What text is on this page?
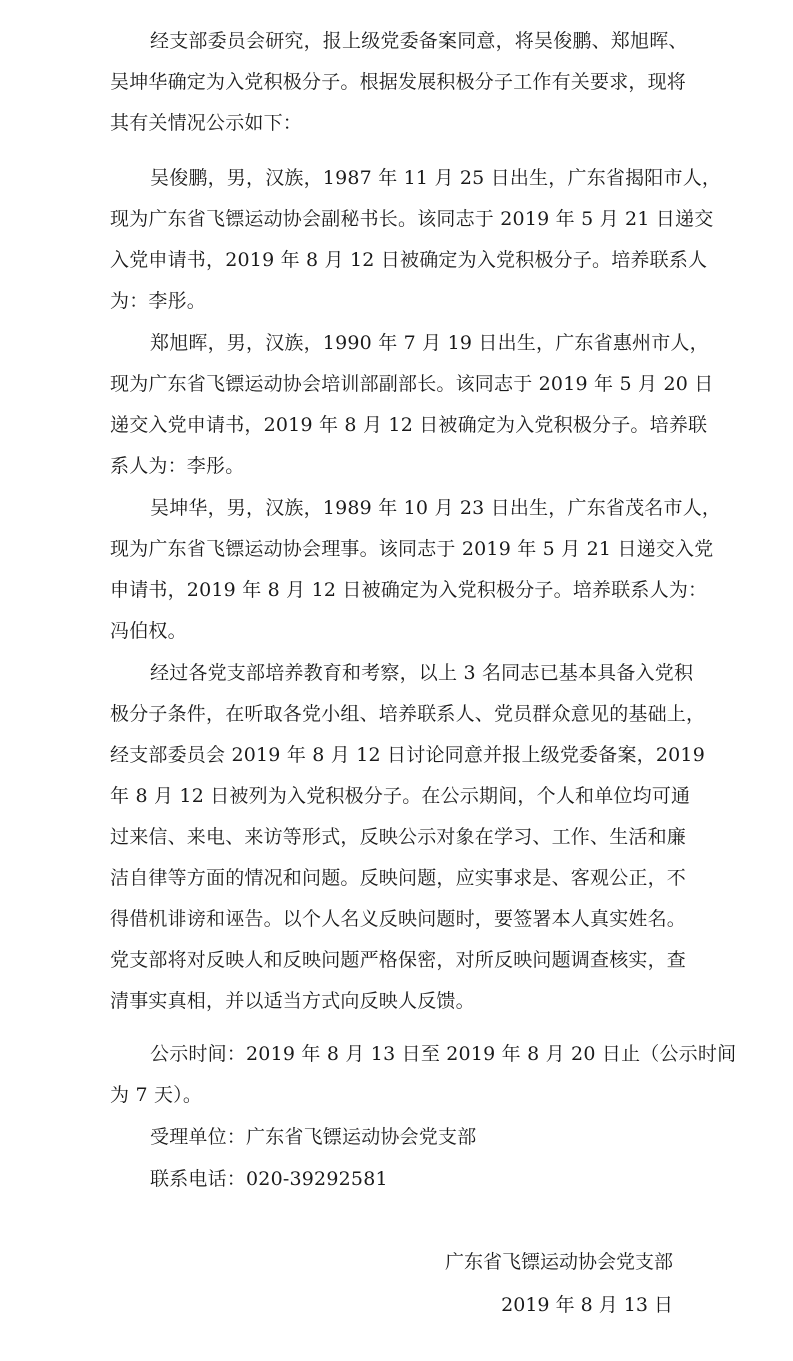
经支部委员会研究，报上级党委备案同意，将吴俊鹏、郑旭晖、
吴坤华确定为入党积极分子。根据发展积极分子工作有关要求，现将
其有关情况公示如下：
吴俊鹏，男，汉族，1987 年 11 月 25 日出生，广东省揭阳市人，
现为广东省飞镖运动协会副秘书长。该同志于 2019 年 5 月 21 日递交
入党申请书，2019 年 8 月 12 日被确定为入党积极分子。培养联系人
为：李彤。
郑旭晖，男，汉族，1990 年 7 月 19 日出生，广东省惠州市人，
现为广东省飞镖运动协会培训部副部长。该同志于 2019 年 5 月 20 日
递交入党申请书，2019 年 8 月 12 日被确定为入党积极分子。培养联
系人为：李彤。
吴坤华，男，汉族，1989 年 10 月 23 日出生，广东省茂名市人，
现为广东省飞镖运动协会理事。该同志于 2019 年 5 月 21 日递交入党
申请书，2019 年 8 月 12 日被确定为入党积极分子。培养联系人为：
冯伯权。
经过各党支部培养教育和考察，以上 3 名同志已基本具备入党积
极分子条件，在听取各党小组、培养联系人、党员群众意见的基础上，
经支部委员会 2019 年 8 月 12 日讨论同意并报上级党委备案，2019
年 8 月 12 日被列为入党积极分子。在公示期间，个人和单位均可通
过来信、来电、来访等形式，反映公示对象在学习、工作、生活和廉
洁自律等方面的情况和问题。反映问题，应实事求是、客观公正，不
得借机诽谤和诬告。以个人名义反映问题时，要签署本人真实姓名。
党支部将对反映人和反映问题严格保密，对所反映问题调查核实，查
清事实真相，并以适当方式向反映人反馈。
公示时间：2019 年 8 月 13 日至 2019 年 8 月 20 日止（公示时间
为 7 天）。
受理单位：广东省飞镖运动协会党支部
联系电话：020-39292581
广东省飞镖运动协会党支部
2019 年 8 月 13 日
